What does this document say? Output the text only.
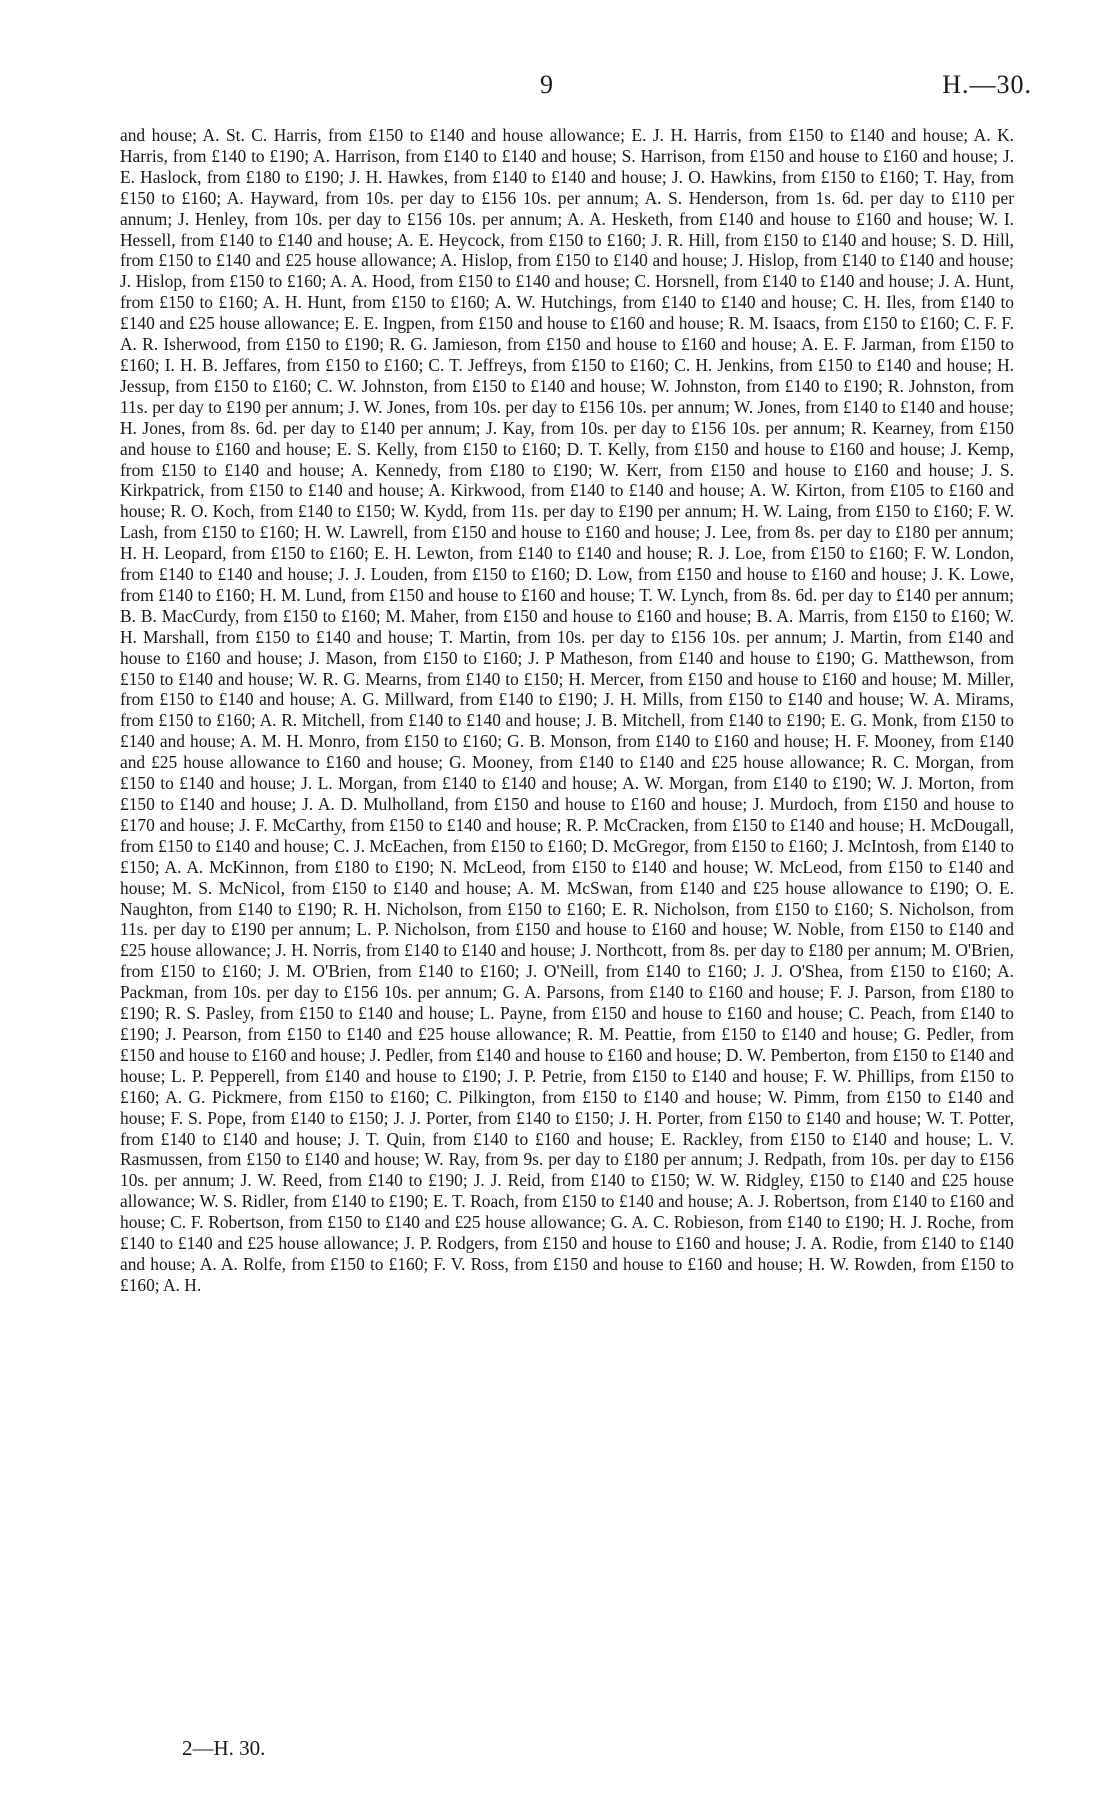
9	H.—30.
and house; A. St. C. Harris, from £150 to £140 and house allowance; E. J. H. Harris, from £150 to £140 and house; A. K. Harris, from £140 to £190; A. Harrison, from £140 to £140 and house; S. Harrison, from £150 and house to £160 and house; J. E. Haslock, from £180 to £190; J. H. Hawkes, from £140 to £140 and house; J. O. Hawkins, from £150 to £160; T. Hay, from £150 to £160; A. Hayward, from 10s. per day to £156 10s. per annum; A. S. Henderson, from 1s. 6d. per day to £110 per annum; J. Henley, from 10s. per day to £156 10s. per annum; A. A. Hesketh, from £140 and house to £160 and house; W. I. Hessell, from £140 to £140 and house; A. E. Heycock, from £150 to £160; J. R. Hill, from £150 to £140 and house; S. D. Hill, from £150 to £140 and £25 house allowance; A. Hislop, from £150 to £140 and house; J. Hislop, from £140 to £140 and house; J. Hislop, from £150 to £160; A. A. Hood, from £150 to £140 and house; C. Horsnell, from £140 to £140 and house; J. A. Hunt, from £150 to £160; A. H. Hunt, from £150 to £160; A. W. Hutchings, from £140 to £140 and house; C. H. Iles, from £140 to £140 and £25 house allowance; E. E. Ingpen, from £150 and house to £160 and house; R. M. Isaacs, from £150 to £160; C. F. F. A. R. Isherwood, from £150 to £190; R. G. Jamieson, from £150 and house to £160 and house; A. E. F. Jarman, from £150 to £160; I. H. B. Jeffares, from £150 to £160; C. T. Jeffreys, from £150 to £160; C. H. Jenkins, from £150 to £140 and house; H. Jessup, from £150 to £160; C. W. Johnston, from £150 to £140 and house; W. Johnston, from £140 to £190; R. Johnston, from 11s. per day to £190 per annum; J. W. Jones, from 10s. per day to £156 10s. per annum; W. Jones, from £140 to £140 and house; H. Jones, from 8s. 6d. per day to £140 per annum; J. Kay, from 10s. per day to £156 10s. per annum; R. Kearney, from £150 and house to £160 and house; E. S. Kelly, from £150 to £160; D. T. Kelly, from £150 and house to £160 and house; J. Kemp, from £150 to £140 and house; A. Kennedy, from £180 to £190; W. Kerr, from £150 and house to £160 and house; J. S. Kirkpatrick, from £150 to £140 and house; A. Kirkwood, from £140 to £140 and house; A. W. Kirton, from £105 to £160 and house; R. O. Koch, from £140 to £150; W. Kydd, from 11s. per day to £190 per annum; H. W. Laing, from £150 to £160; F. W. Lash, from £150 to £160; H. W. Lawrell, from £150 and house to £160 and house; J. Lee, from 8s. per day to £180 per annum; H. H. Leopard, from £150 to £160; E. H. Lewton, from £140 to £140 and house; R. J. Loe, from £150 to £160; F. W. London, from £140 to £140 and house; J. J. Louden, from £150 to £160; D. Low, from £150 and house to £160 and house; J. K. Lowe, from £140 to £160; H. M. Lund, from £150 and house to £160 and house; T. W. Lynch, from 8s. 6d. per day to £140 per annum; B. B. MacCurdy, from £150 to £160; M. Maher, from £150 and house to £160 and house; B. A. Marris, from £150 to £160; W. H. Marshall, from £150 to £140 and house; T. Martin, from 10s. per day to £156 10s. per annum; J. Martin, from £140 and house to £160 and house; J. Mason, from £150 to £160; J. P Matheson, from £140 and house to £190; G. Matthewson, from £150 to £140 and house; W. R. G. Mearns, from £140 to £150; H. Mercer, from £150 and house to £160 and house; M. Miller, from £150 to £140 and house; A. G. Millward, from £140 to £190; J. H. Mills, from £150 to £140 and house; W. A. Mirams, from £150 to £160; A. R. Mitchell, from £140 to £140 and house; J. B. Mitchell, from £140 to £190; E. G. Monk, from £150 to £140 and house; A. M. H. Monro, from £150 to £160; G. B. Monson, from £140 to £160 and house; H. F. Mooney, from £140 and £25 house allowance to £160 and house; G. Mooney, from £140 to £140 and £25 house allowance; R. C. Morgan, from £150 to £140 and house; J. L. Morgan, from £140 to £140 and house; A. W. Morgan, from £140 to £190; W. J. Morton, from £150 to £140 and house; J. A. D. Mulholland, from £150 and house to £160 and house; J. Murdoch, from £150 and house to £170 and house; J. F. McCarthy, from £150 to £140 and house; R. P. McCracken, from £150 to £140 and house; H. McDougall, from £150 to £140 and house; C. J. McEachen, from £150 to £160; D. McGregor, from £150 to £160; J. McIntosh, from £140 to £150; A. A. McKinnon, from £180 to £190; N. McLeod, from £150 to £140 and house; W. McLeod, from £150 to £140 and house; M. S. McNicol, from £150 to £140 and house; A. M. McSwan, from £140 and £25 house allowance to £190; O. E. Naughton, from £140 to £190; R. H. Nicholson, from £150 to £160; E. R. Nicholson, from £150 to £160; S. Nicholson, from 11s. per day to £190 per annum; L. P. Nicholson, from £150 and house to £160 and house; W. Noble, from £150 to £140 and £25 house allowance; J. H. Norris, from £140 to £140 and house; J. Northcott, from 8s. per day to £180 per annum; M. O'Brien, from £150 to £160; J. M. O'Brien, from £140 to £160; J. O'Neill, from £140 to £160; J. J. O'Shea, from £150 to £160; A. Packman, from 10s. per day to £156 10s. per annum; G. A. Parsons, from £140 to £160 and house; F. J. Parson, from £180 to £190; R. S. Pasley, from £150 to £140 and house; L. Payne, from £150 and house to £160 and house; C. Peach, from £140 to £190; J. Pearson, from £150 to £140 and £25 house allowance; R. M. Peattie, from £150 to £140 and house; G. Pedler, from £150 and house to £160 and house; J. Pedler, from £140 and house to £160 and house; D. W. Pemberton, from £150 to £140 and house; L. P. Pepperell, from £140 and house to £190; J. P. Petrie, from £150 to £140 and house; F. W. Phillips, from £150 to £160; A. G. Pickmere, from £150 to £160; C. Pilkington, from £150 to £140 and house; W. Pimm, from £150 to £140 and house; F. S. Pope, from £140 to £150; J. J. Porter, from £140 to £150; J. H. Porter, from £150 to £140 and house; W. T. Potter, from £140 to £140 and house; J. T. Quin, from £140 to £160 and house; E. Rackley, from £150 to £140 and house; L. V. Rasmussen, from £150 to £140 and house; W. Ray, from 9s. per day to £180 per annum; J. Redpath, from 10s. per day to £156 10s. per annum; J. W. Reed, from £140 to £190; J. J. Reid, from £140 to £150; W. W. Ridgley, £150 to £140 and £25 house allowance; W. S. Ridler, from £140 to £190; E. T. Roach, from £150 to £140 and house; A. J. Robertson, from £140 to £160 and house; C. F. Robertson, from £150 to £140 and £25 house allowance; G. A. C. Robieson, from £140 to £190; H. J. Roche, from £140 to £140 and £25 house allowance; J. P. Rodgers, from £150 and house to £160 and house; J. A. Rodie, from £140 to £140 and house; A. A. Rolfe, from £150 to £160; F. V. Ross, from £150 and house to £160 and house; H. W. Rowden, from £150 to £160; A. H.
2—H. 30.
